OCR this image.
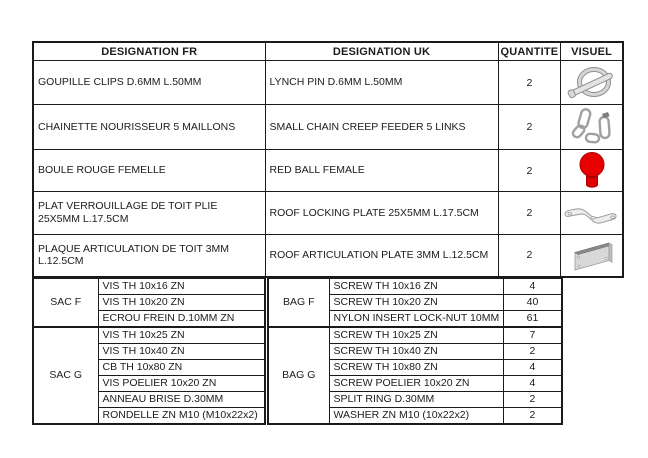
DESIGNATION FR	DESIGNATION UK	QUANTITE	VISUEL
GOUPILLE CLIPS D.6MM L.50MM	LYNCH PIN D.6MM L.50MM	2	

CHAINETTE NOURISSEUR 5 MAILLONS	SMALL CHAIN CREEP FEEDER 5 LINKS	2	

BOULE ROUGE FEMELLE	RED BALL FEMALE	2	

PLAT VERROUILLAGE DE TOIT PLIE 25X5MM L.17.5CM	ROOF LOCKING PLATE 25X5MM L.17.5CM	2	

PLAQUE ARTICULATION DE TOIT 3MM L.12.5CM	ROOF ARTICULATION PLATE 3MM L.12.5CM	2	
SAC F	VIS TH 10x16 ZN
	VIS TH 10x20 ZN
	ECROU FREIN D.10MM ZN
SAC G	VIS TH 10x25 ZN
	VIS TH 10x40 ZN
	CB TH 10x80 ZN
	VIS POELIER 10x20 ZN
	ANNEAU BRISE D.30MM
	RONDELLE ZN M10 (M10x22x2)
BAG F	SCREW TH 10x16 ZN	4
	SCREW TH 10x20 ZN	40
	NYLON INSERT LOCK-NUT 10MM	61
BAG G	SCREW TH 10x25 ZN	7
	SCREW TH 10x40 ZN	2
	SCREW TH 10x80 ZN	4
	SCREW POELIER 10x20 ZN	4
	SPLIT RING D.30MM	2
	WASHER ZN M10 (10x22x2)	2
